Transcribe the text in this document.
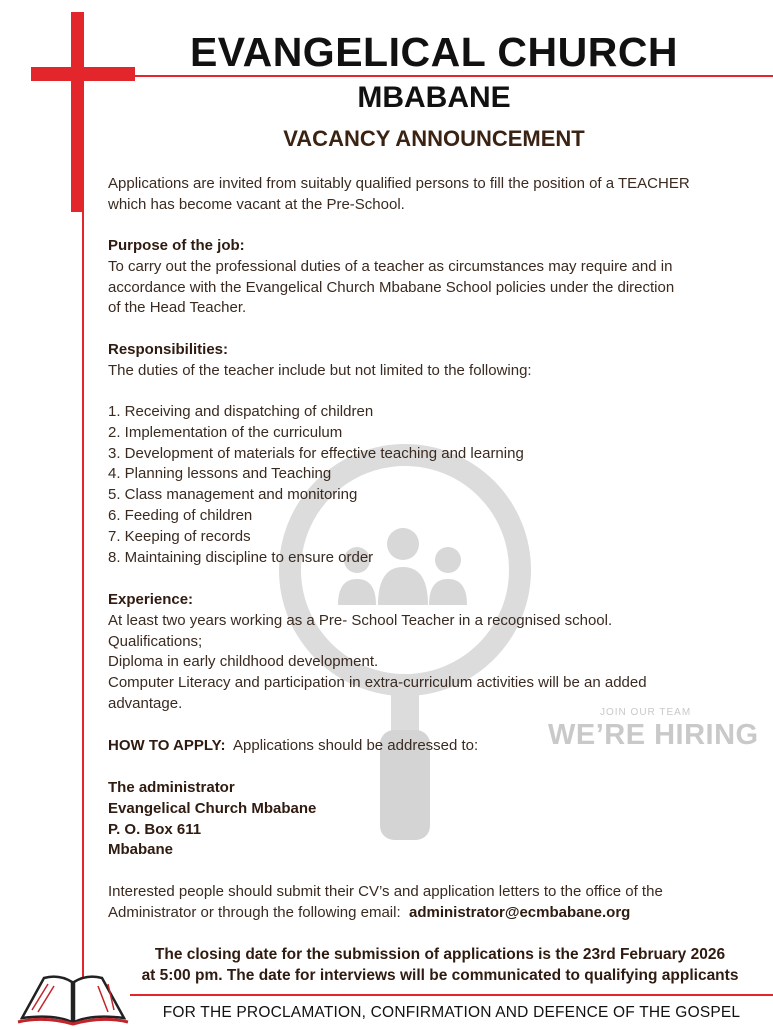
JOIN OUR TEAM
WE’RE HIRING
EVANGELICAL CHURCH
MBABANE
VACANCY ANNOUNCEMENT
Applications are invited from suitably qualified persons to fill the position of a TEACHER
which has become vacant at the Pre-School.
Purpose of the job:
To carry out the professional duties of a teacher as circumstances may require and in
accordance with the Evangelical Church Mbabane School policies under the direction
of the Head Teacher.
Responsibilities:
The duties of the teacher include but not limited to the following:
1. Receiving and dispatching of children
2. Implementation of the curriculum
3. Development of materials for effective teaching and learning
4. Planning lessons and Teaching
5. Class management and monitoring
6. Feeding of children
7. Keeping of records
8. Maintaining discipline to ensure order
Experience:
At least two years working as a Pre- School Teacher in a recognised school.
Qualifications;
Diploma in early childhood development.
Computer Literacy and participation in extra-curriculum activities will be an added
advantage.
HOW TO APPLY: Applications should be addressed to:
The administrator
Evangelical Church Mbabane
P. O. Box 611
Mbabane
Interested people should submit their CV’s and application letters to the office of the
Administrator or through the following email: administrator@ecmbabane.org
The closing date for the submission of applications is the 23rd February 2026
at 5:00 pm. The date for interviews will be communicated to qualifying applicants
FOR THE PROCLAMATION, CONFIRMATION AND DEFENCE OF THE GOSPEL
